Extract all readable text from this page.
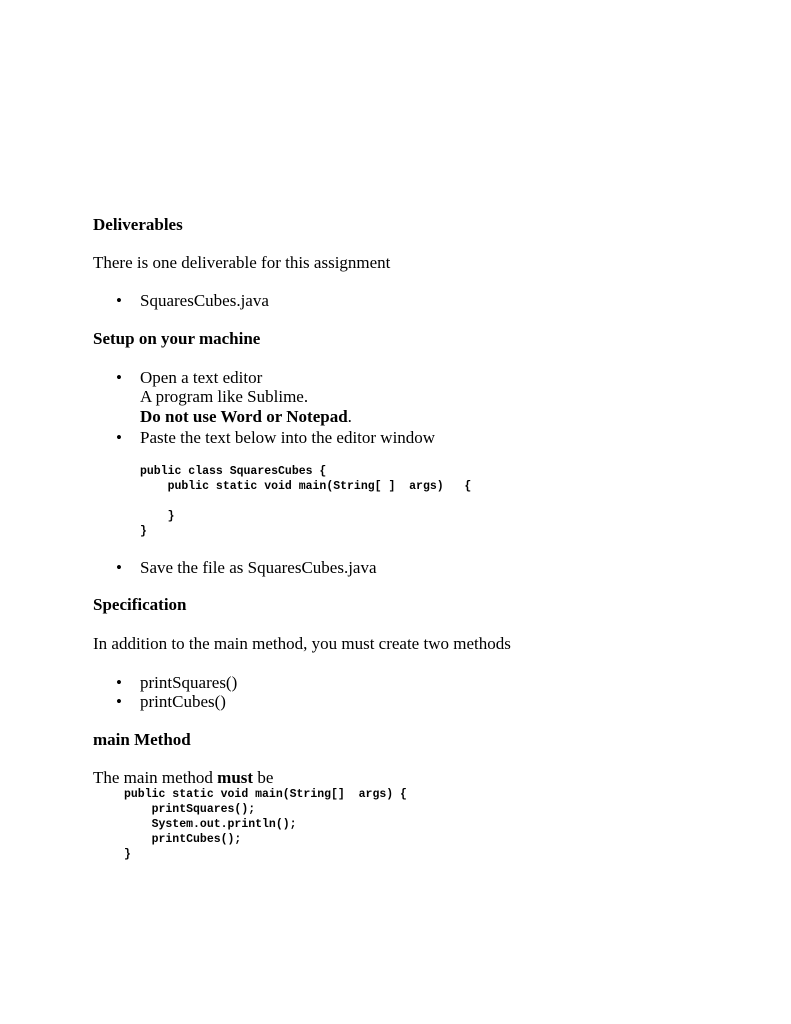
Deliverables
There is one deliverable for this assignment
• SquaresCubes.java
Setup on your machine
• Open a text editor
A program like Sublime.
Do not use Word or Notepad.
• Paste the text below into the editor window
public class SquaresCubes {
public static void main(String[ ]  args)   {

}
}
• Save the file as SquaresCubes.java
Specification
In addition to the main method, you must create two methods
• printSquares()
• printCubes()
main Method
The main method must be
public static void main(String[]  args) {
printSquares();
System.out.println();
printCubes();
}
